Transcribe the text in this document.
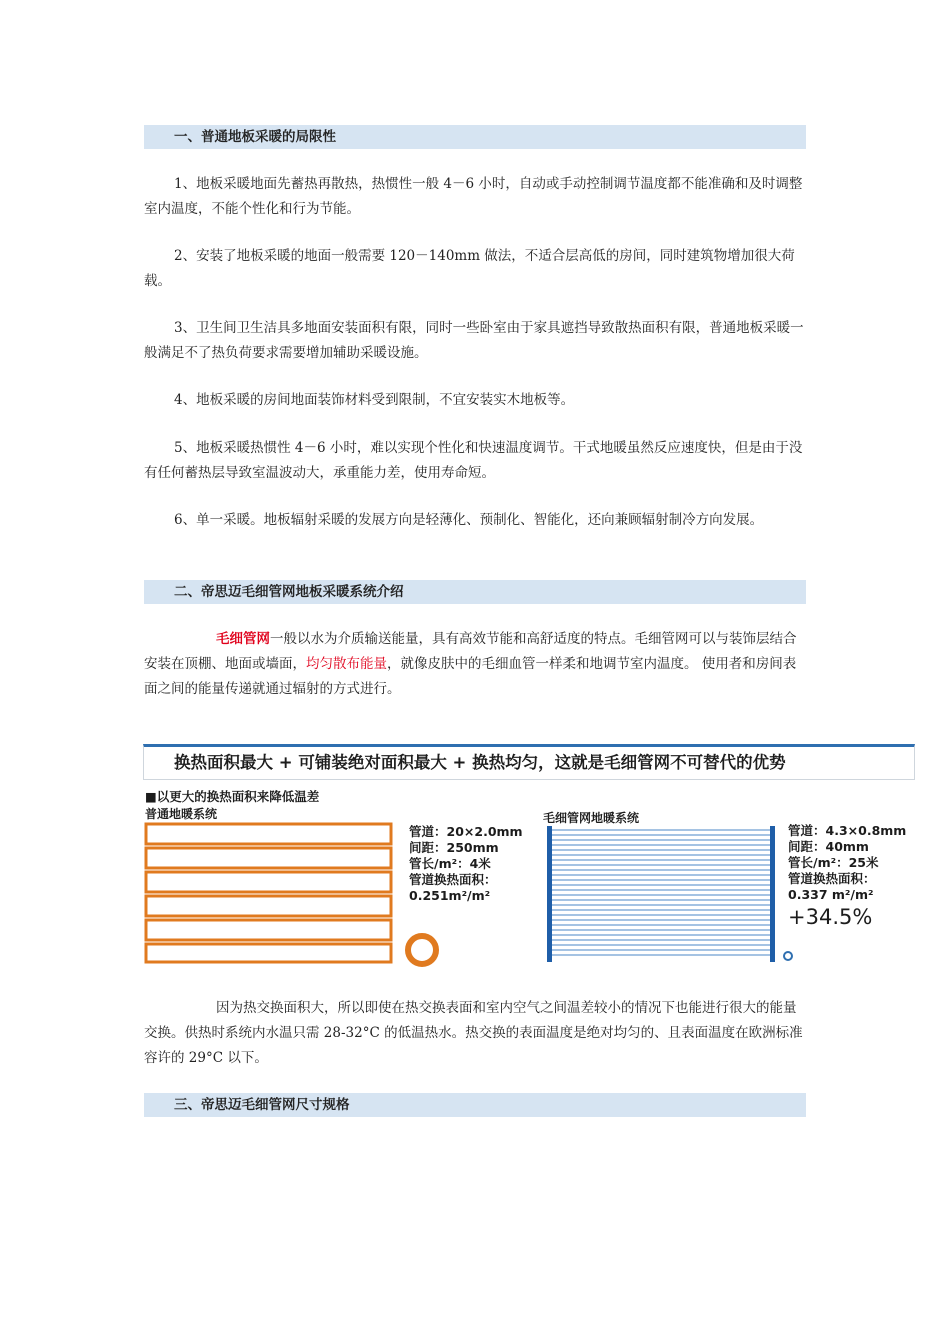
一、普通地板采暖的局限性

1、地板采暖地面先蓄热再散热，热惯性一般 4－6 小时，自动或手动控制调节温度都不能准确和及时调整室内温度，不能个性化和行为节能。

2、安装了地板采暖的地面一般需要 120－140mm 做法，不适合层高低的房间，同时建筑物增加很大荷载。

3、卫生间卫生洁具多地面安装面积有限，同时一些卧室由于家具遮挡导致散热面积有限，普通地板采暖一般满足不了热负荷要求需要增加辅助采暖设施。

4、地板采暖的房间地面装饰材料受到限制，不宜安装实木地板等。

5、地板采暖热惯性 4－6 小时，难以实现个性化和快速温度调节。干式地暖虽然反应速度快，但是由于没有任何蓄热层导致室温波动大，承重能力差，使用寿命短。

6、单一采暖。地板辐射采暖的发展方向是轻薄化、预制化、智能化，还向兼顾辐射制冷方向发展。

二、帝思迈毛细管网地板采暖系统介绍

毛细管网一般以水为介质输送能量，具有高效节能和高舒适度的特点。毛细管网可以与装饰层结合安装在顶棚、地面或墙面，均匀散布能量，就像皮肤中的毛细血管一样柔和地调节室内温度。 使用者和房间表面之间的能量传递就通过辐射的方式进行。

换热面积最大 + 可铺装绝对面积最大 + 换热均匀，这就是毛细管网不可替代的优势
■以更大的换热面积来降低温差
普通地暖系统	毛细管网地暖系统
管道：20×2.0mm
间距：250mm
管长/m²：4米
管道换热面积：
0.251m²/m²
管道：4.3×0.8mm
间距：40mm
管长/m²：25米
管道换热面积：
0.337 m²/m²
+34.5%

因为热交换面积大，所以即使在热交换表面和室内空气之间温差较小的情况下也能进行很大的能量交换。供热时系统内水温只需 28-32°C 的低温热水。热交换的表面温度是绝对均匀的、且表面温度在欧洲标准容许的 29°C 以下。

三、帝思迈毛细管网尺寸规格
